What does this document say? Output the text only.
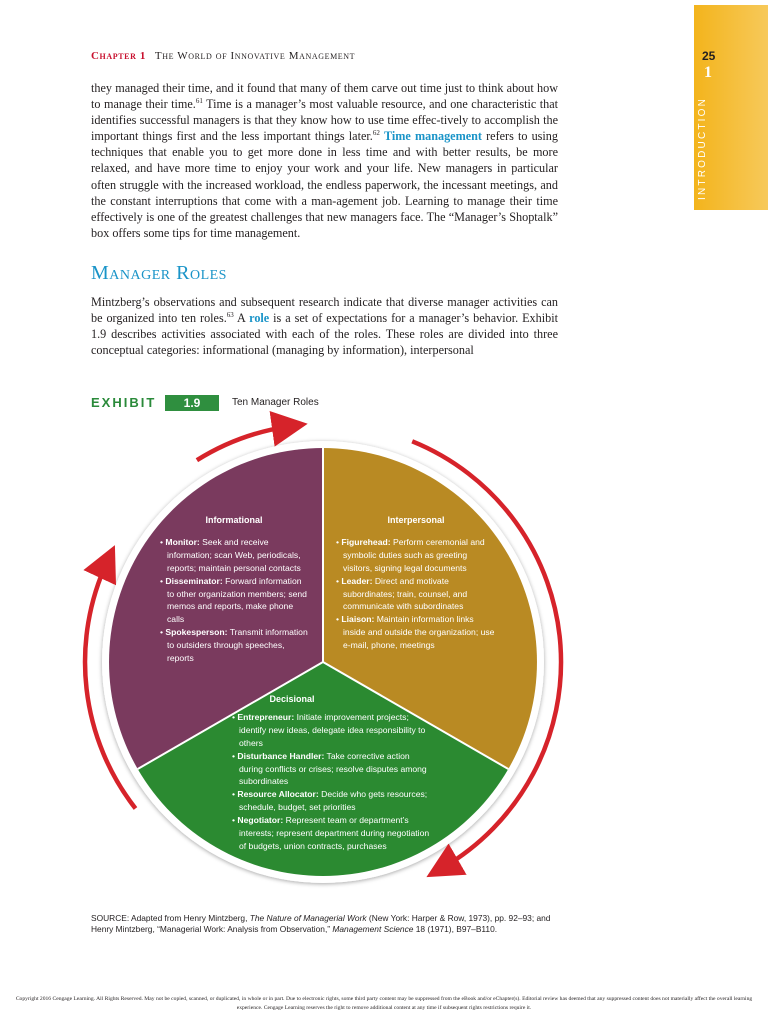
Chapter 1 The World of Innovative Management	25
1
INTRODUCTION
they managed their time, and it found that many of them carve out time just to think about how to manage their time.$^{61}$ Time is a manager’s most valuable resource, and one characteristic that identifies successful managers is that they know how to use time effec-tively to accomplish the important things first and the less important things later.$^{62}$ Time management refers to using techniques that enable you to get more done in less time and with better results, be more relaxed, and have more time to enjoy your work and your life. New managers in particular often struggle with the increased workload, the endless paperwork, the incessant meetings, and the constant interruptions that come with a man-agement job. Learning to manage their time effectively is one of the greatest challenges that new managers face. The “Manager’s Shoptalk” box offers some tips for time management.
Manager Roles
Mintzberg’s observations and subsequent research indicate that diverse manager activities can be organized into ten roles.$^{63}$ A role is a set of expectations for a manager’s behavior. Exhibit 1.9 describes activities associated with each of the roles. These roles are divided into three conceptual categories: informational (managing by information), interpersonal
EXHIBIT	1.9	Ten Manager Roles
Informational
• Monitor: Seek and receive information; scan Web, periodicals, reports; maintain personal contacts
• Disseminator: Forward information to other organization members; send memos and reports, make phone calls
• Spokesperson: Transmit information to outsiders through speeches, reports
Interpersonal
• Figurehead: Perform ceremonial and symbolic duties such as greeting visitors, signing legal documents
• Leader: Direct and motivate subordinates; train, counsel, and communicate with subordinates
• Liaison: Maintain information links inside and outside the organization; use e-mail, phone, meetings
Decisional
• Entrepreneur: Initiate improvement projects; identify new ideas, delegate idea responsibility to others
• Disturbance Handler: Take corrective action during conflicts or crises; resolve disputes among subordinates
• Resource Allocator: Decide who gets resources; schedule, budget, set priorities
• Negotiator: Represent team or department’s interests; represent department during negotiation of budgets, union contracts, purchases
SOURCE: Adapted from Henry Mintzberg, The Nature of Managerial Work (New York: Harper & Row, 1973), pp. 92–93; and Henry Mintzberg, “Managerial Work: Analysis from Observation,” Management Science 18 (1971), B97–B110.
Copyright 2016 Cengage Learning. All Rights Reserved. May not be copied, scanned, or duplicated, in whole or in part. Due to electronic rights, some third party content may be suppressed from the eBook and/or eChapter(s). Editorial review has deemed that any suppressed content does not materially affect the overall learning experience. Cengage Learning reserves the right to remove additional content at any time if subsequent rights restrictions require it.
